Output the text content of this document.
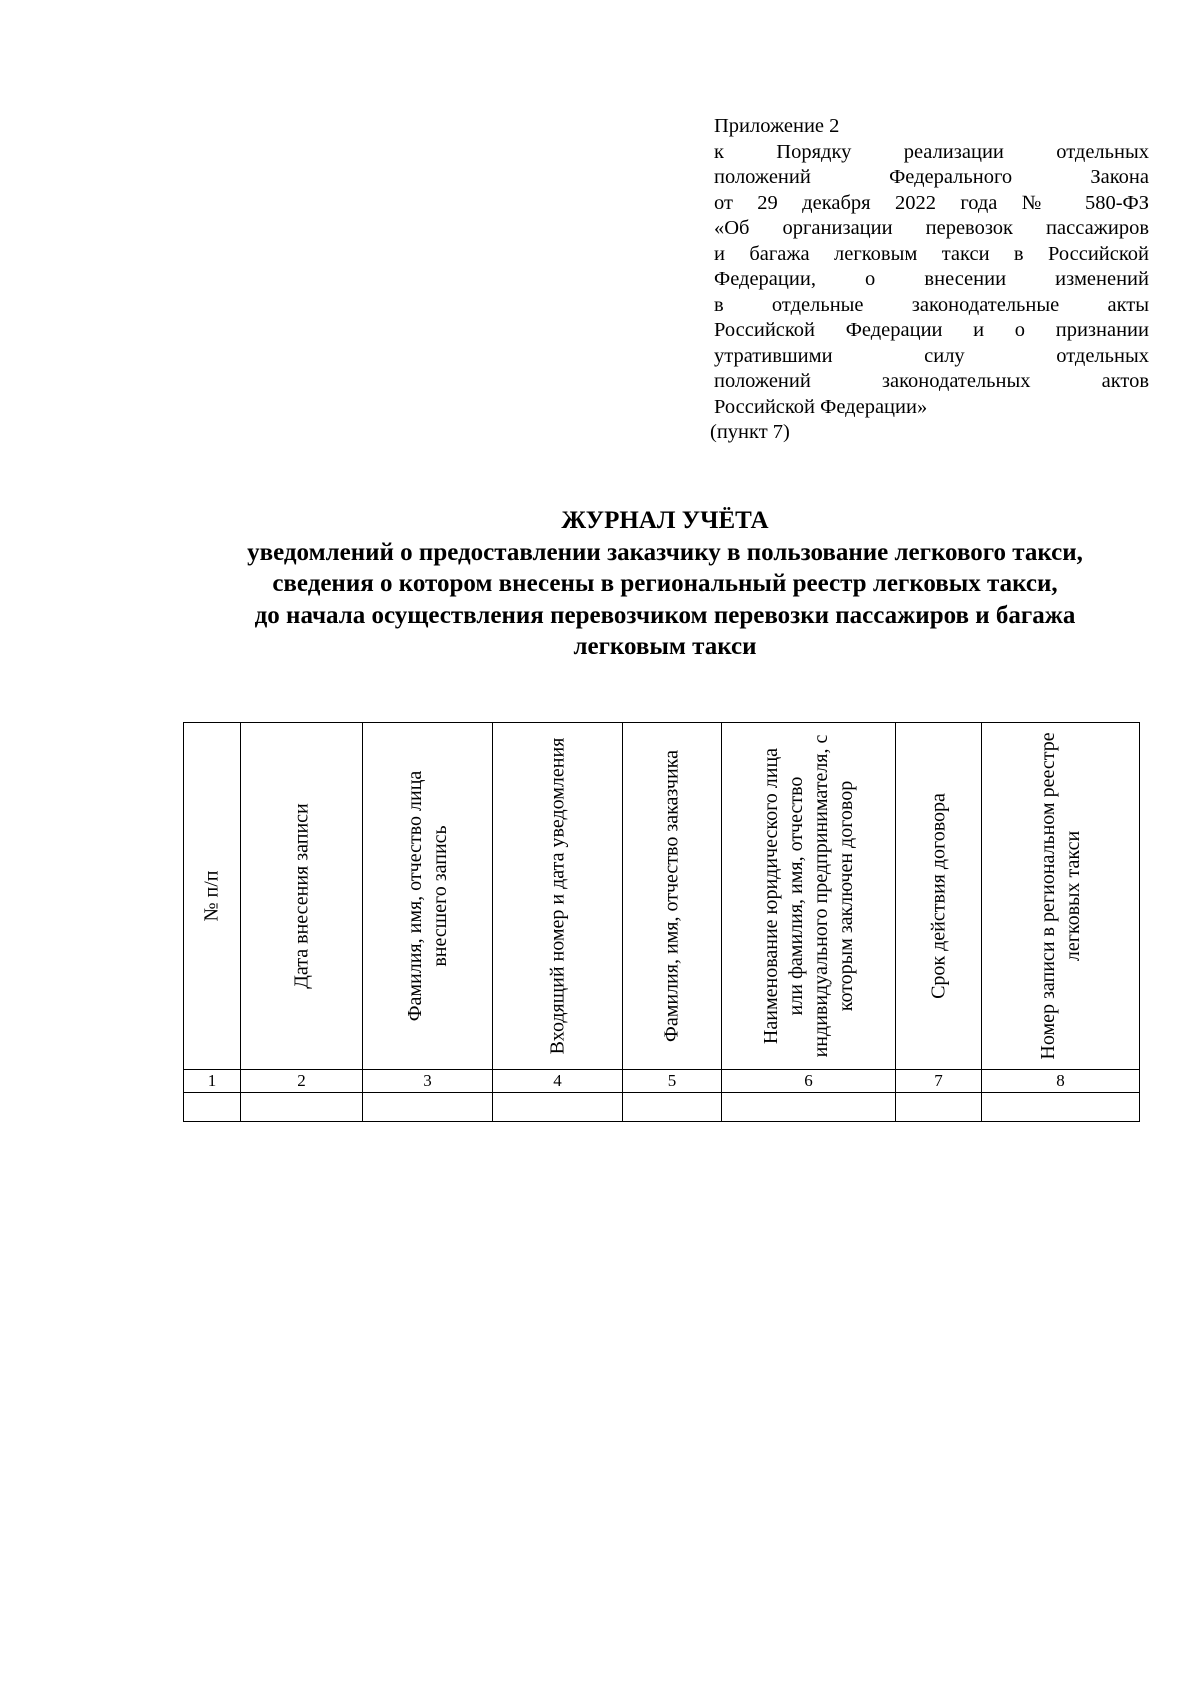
Приложение 2
к Порядку реализации отдельных
положений Федерального Закона
от 29 декабря 2022 года № 580-ФЗ
«Об организации перевозок пассажиров
и багажа легковым такси в Российской
Федерации, о внесении изменений
в отдельные законодательные акты
Российской Федерации и о признании
утратившими силу отдельных
положений законодательных актов
Российской Федерации»
(пункт 7)
ЖУРНАЛ УЧЁТА
уведомлений о предоставлении заказчику в пользование легкового такси,
сведения о котором внесены в региональный реестр легковых такси,
до начала осуществления перевозчиком перевозки пассажиров и багажа
легковым такси
№ п/п	Дата внесения записи	Фамилия, имя, отчество лица внесшего запись	Входящий номер и дата уведомления	Фамилия, имя, отчество заказчика	Наименование юридического лица или фамилия, имя, отчество индивидуального предпринимателя, с которым заключен договор	Срок действия договора	Номер записи в региональном реестре легковых такси

1	2	3	4	5	6	7	8
